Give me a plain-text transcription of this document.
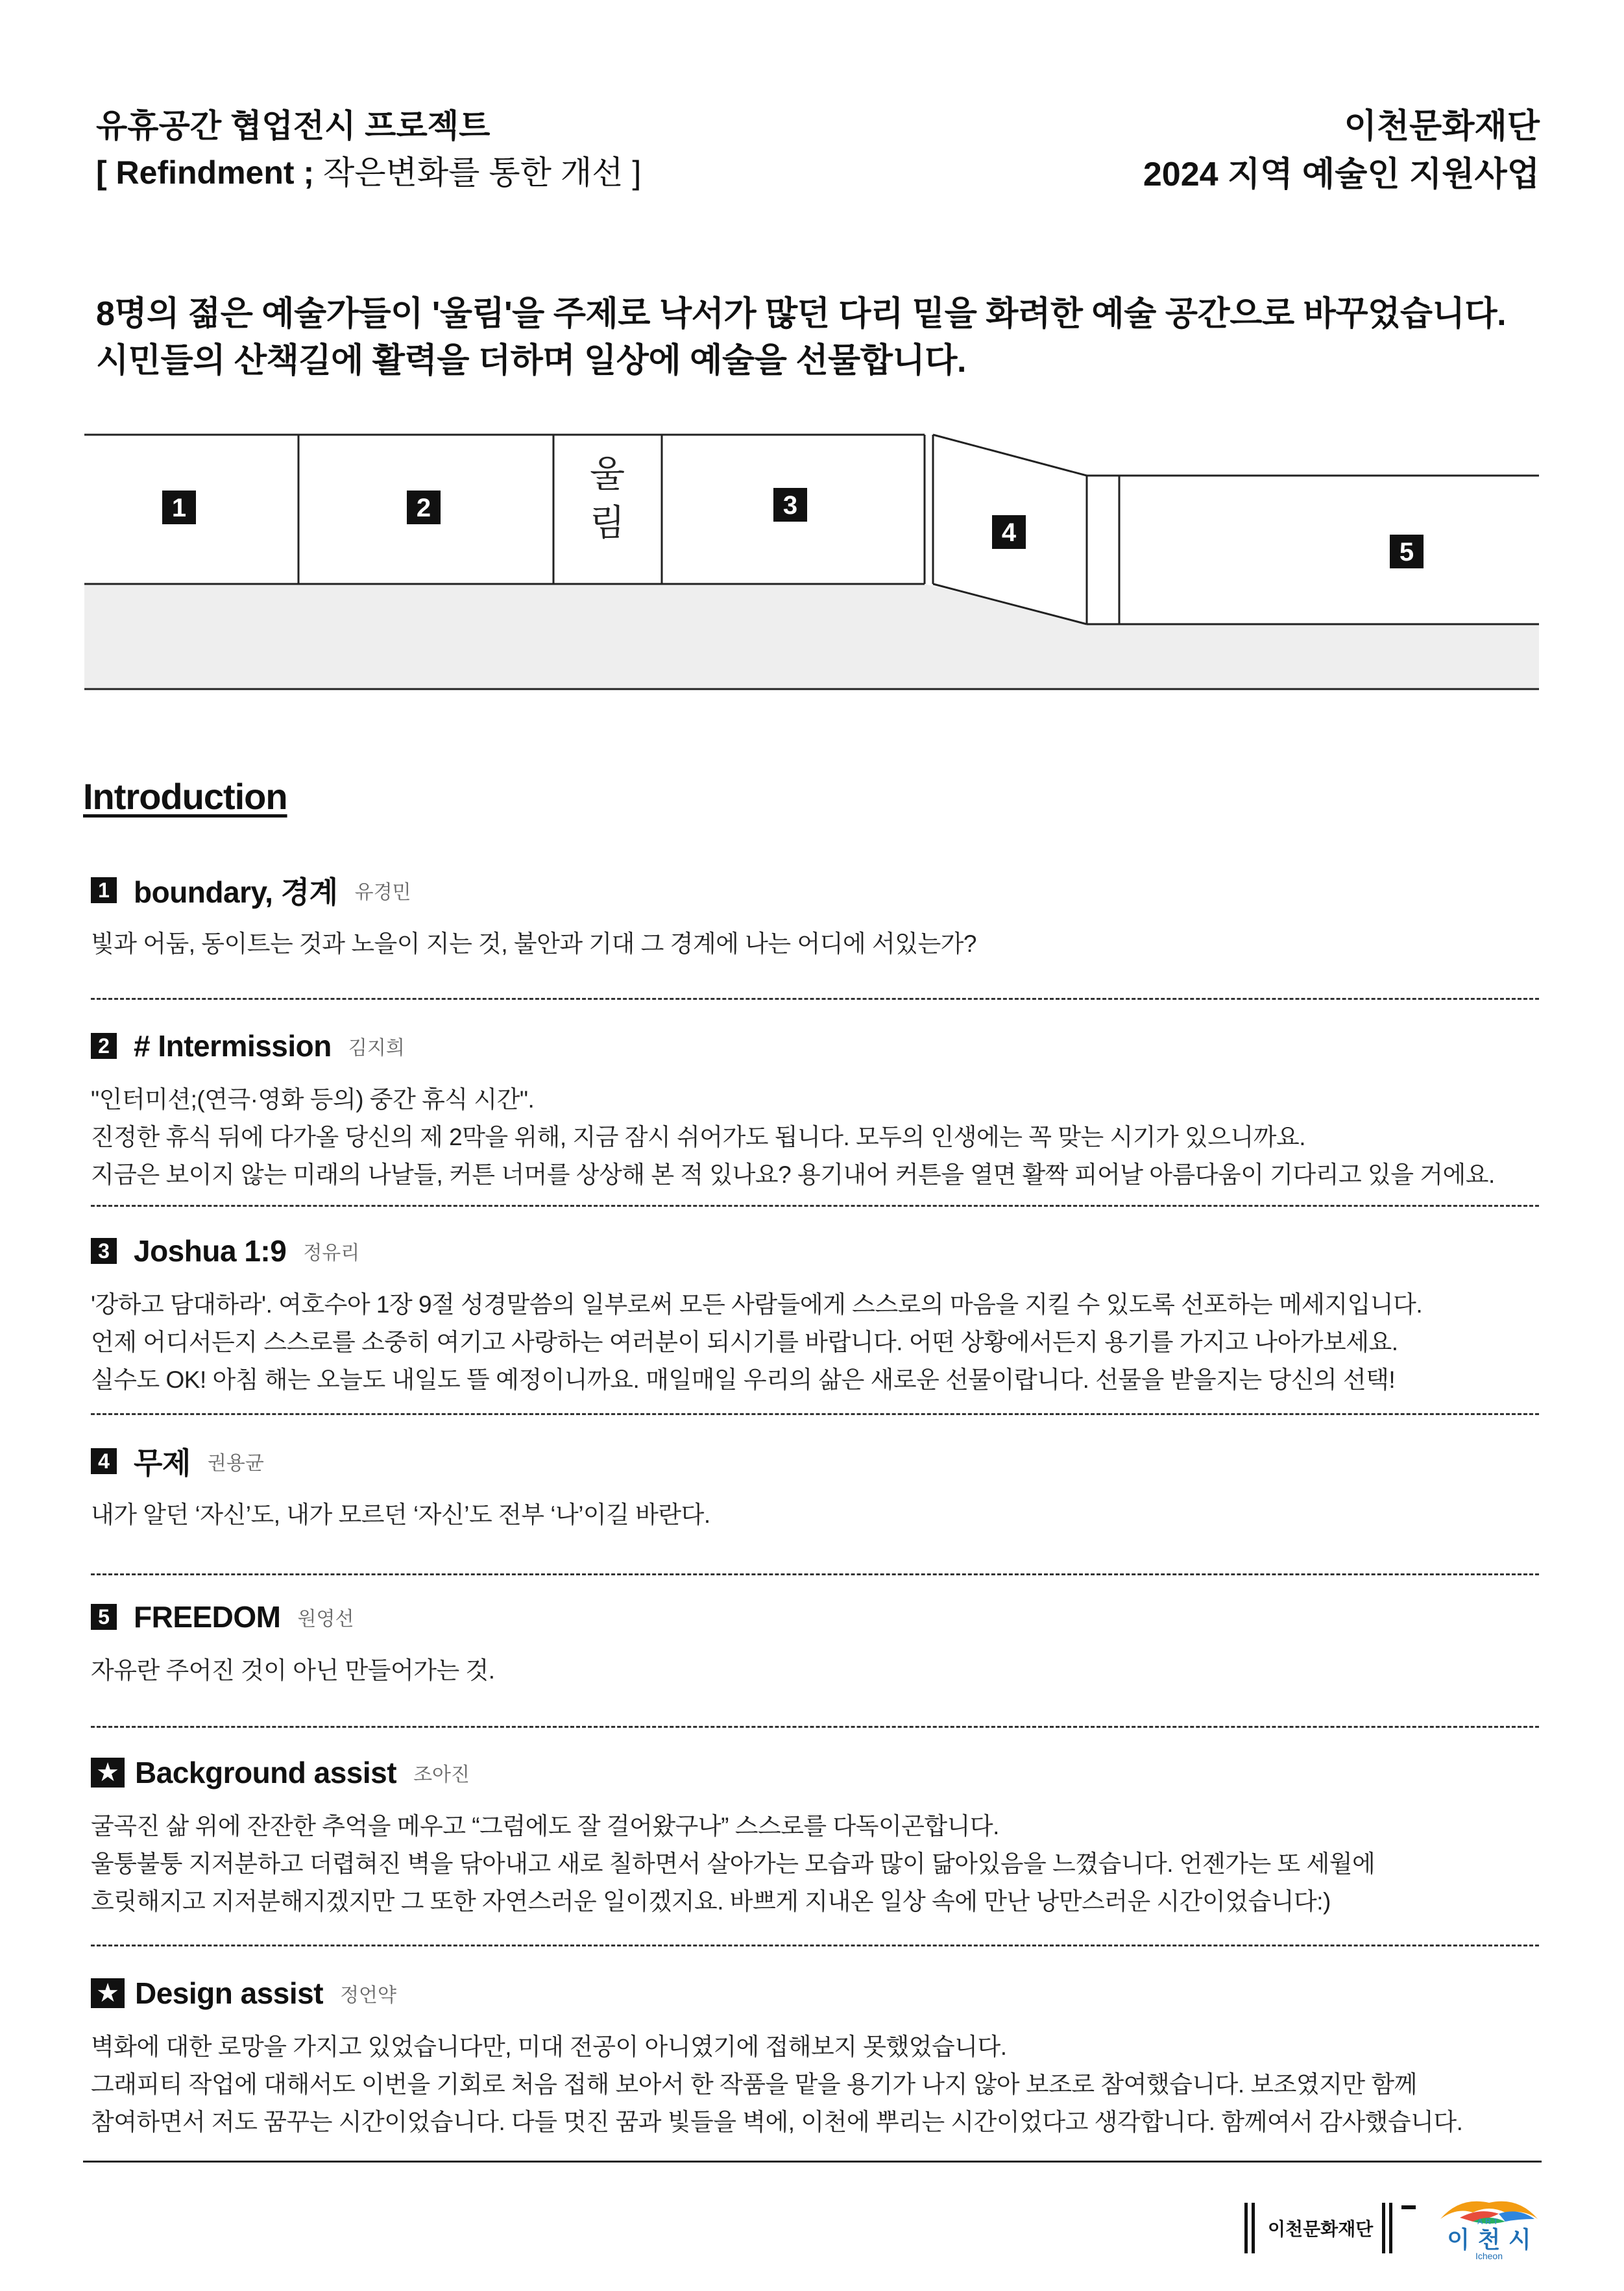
유휴공간 협업전시 프로젝트
[ Refindment ; 작은변화를 통한 개선 ]
이천문화재단
2024 지역 예술인 지원사업
8명의 젊은 예술가들이 '울림'을 주제로 낙서가 많던 다리 밑을 화려한 예술 공간으로 바꾸었습니다.
시민들의 산책길에 활력을 더하며 일상에 예술을 선물합니다.
1	2	3
4
5
울
림
Introduction
1 boundary, 경계 유경민
빛과 어둠, 동이트는 것과 노을이 지는 것, 불안과 기대 그 경계에 나는 어디에 서있는가?
2 # Intermission 김지희
"인터미션;(연극·영화 등의) 중간 휴식 시간".
진정한 휴식 뒤에 다가올 당신의 제 2막을 위해, 지금 잠시 쉬어가도 됩니다. 모두의 인생에는 꼭 맞는 시기가 있으니까요.
지금은 보이지 않는 미래의 나날들, 커튼 너머를 상상해 본 적 있나요? 용기내어 커튼을 열면 활짝 피어날 아름다움이 기다리고 있을 거에요.
3 Joshua 1:9 정유리
'강하고 담대하라'. 여호수아 1장 9절 성경말씀의 일부로써 모든 사람들에게 스스로의 마음을 지킬 수 있도록 선포하는 메세지입니다.
언제 어디서든지 스스로를 소중히 여기고 사랑하는 여러분이 되시기를 바랍니다. 어떤 상황에서든지 용기를 가지고 나아가보세요.
실수도 OK! 아침 해는 오늘도 내일도 뜰 예정이니까요. 매일매일 우리의 삶은 새로운 선물이랍니다. 선물을 받을지는 당신의 선택!
4 무제 권용균
내가 알던 ‘자신’도, 내가 모르던 ‘자신’도 전부 ‘나’이길 바란다.
5 FREEDOM 원영선
자유란 주어진 것이 아닌 만들어가는 것.
★ Background assist 조아진
굴곡진 삶 위에 잔잔한 추억을 메우고 “그럼에도 잘 걸어왔구나” 스스로를 다독이곤합니다.
울퉁불퉁 지저분하고 더렵혀진 벽을 닦아내고 새로 칠하면서 살아가는 모습과 많이 닮아있음을 느꼈습니다. 언젠가는 또 세월에
흐릿해지고 지저분해지겠지만 그 또한 자연스러운 일이겠지요. 바쁘게 지내온 일상 속에 만난 낭만스러운 시간이었습니다:)
★ Design assist 정언약
벽화에 대한 로망을 가지고 있었습니다만, 미대 전공이 아니였기에 접해보지 못했었습니다.
그래피티 작업에 대해서도 이번을 기회로 처음 접해 보아서 한 작품을 맡을 용기가 나지 않아 보조로 참여했습니다. 보조였지만 함께
참여하면서 저도 꿈꾸는 시간이었습니다. 다들 멋진 꿈과 빛들을 벽에, 이천에 뿌리는 시간이었다고 생각합니다. 함께여서 감사했습니다.
이천문화재단	ART
이 천 시
Icheon
